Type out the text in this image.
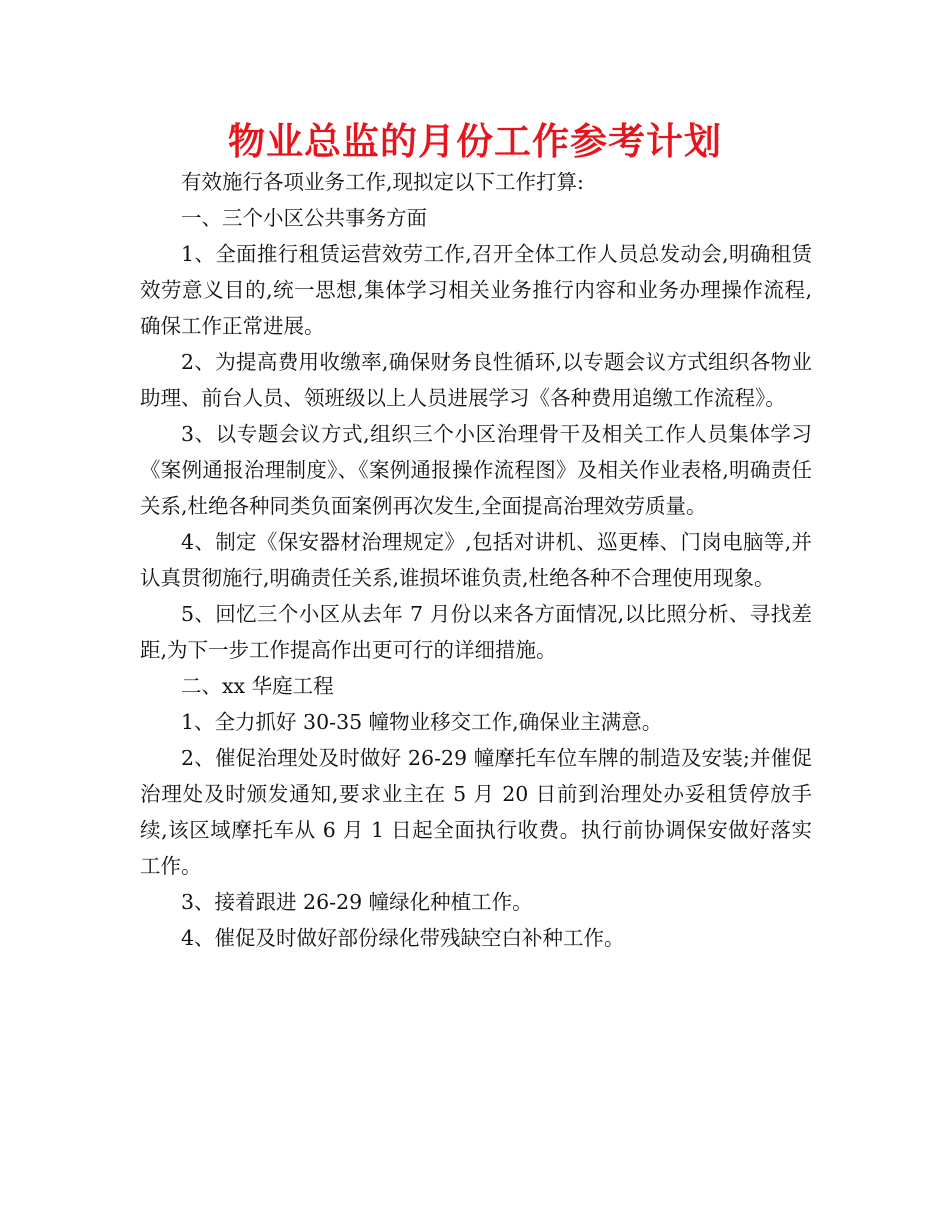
物业总监的月份工作参考计划

有效施行各项业务工作,现拟定以下工作打算:

一、三个小区公共事务方面

1、全面推行租赁运营效劳工作,召开全体工作人员总发动会,明确租赁效劳意义目的,统一思想,集体学习相关业务推行内容和业务办理操作流程,确保工作正常进展。

2、为提高费用收缴率,确保财务良性循环,以专题会议方式组织各物业助理、前台人员、领班级以上人员进展学习《各种费用追缴工作流程》。

3、以专题会议方式,组织三个小区治理骨干及相关工作人员集体学习《案例通报治理制度》、《案例通报操作流程图》及相关作业表格,明确责任关系,杜绝各种同类负面案例再次发生,全面提高治理效劳质量。

4、制定《保安器材治理规定》,包括对讲机、巡更棒、门岗电脑等,并认真贯彻施行,明确责任关系,谁损坏谁负责,杜绝各种不合理使用现象。

5、回忆三个小区从去年 7 月份以来各方面情况,以比照分析、寻找差距,为下一步工作提高作出更可行的详细措施。

二、xx 华庭工程

1、全力抓好 30-35 幢物业移交工作,确保业主满意。

2、催促治理处及时做好 26-29 幢摩托车位车牌的制造及安装;并催促治理处及时颁发通知,要求业主在 5 月 20 日前到治理处办妥租赁停放手续,该区域摩托车从 6 月 1 日起全面执行收费。执行前协调保安做好落实工作。

3、接着跟进 26-29 幢绿化种植工作。

4、催促及时做好部份绿化带残缺空白补种工作。
